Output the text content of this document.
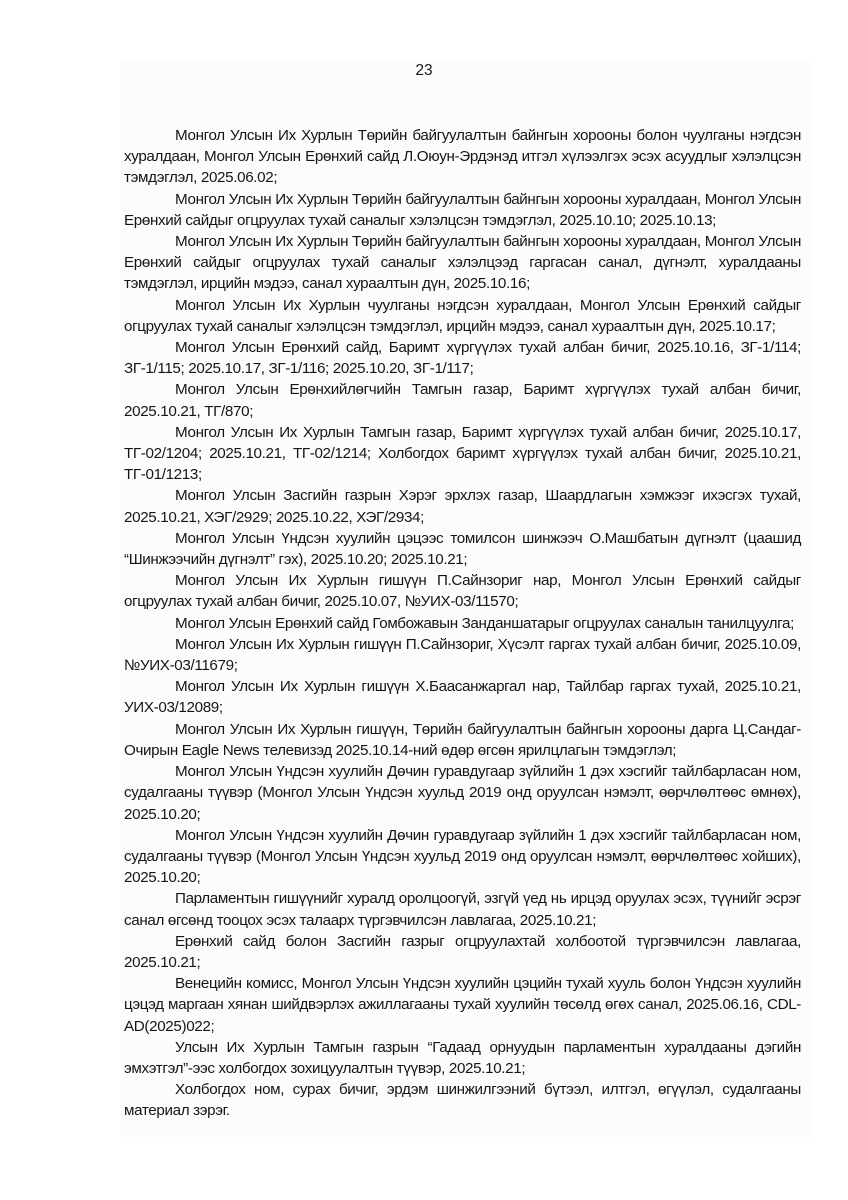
23

Монгол Улсын Их Хурлын Төрийн байгуулалтын байнгын хорооны болон чуулганы нэгдсэн хуралдаан, Монгол Улсын Ерөнхий сайд Л.Оюун-Эрдэнэд итгэл хүлээлгэх эсэх асуудлыг хэлэлцсэн тэмдэглэл, 2025.06.02;

Монгол Улсын Их Хурлын Төрийн байгуулалтын байнгын хорооны хуралдаан, Монгол Улсын Ерөнхий сайдыг огцруулах тухай саналыг хэлэлцсэн тэмдэглэл, 2025.10.10; 2025.10.13;

Монгол Улсын Их Хурлын Төрийн байгуулалтын байнгын хорооны хуралдаан, Монгол Улсын Ерөнхий сайдыг огцруулах тухай саналыг хэлэлцээд гаргасан санал, дүгнэлт, хуралдааны тэмдэглэл, ирцийн мэдээ, санал хураалтын дүн, 2025.10.16;

Монгол Улсын Их Хурлын чуулганы нэгдсэн хуралдаан, Монгол Улсын Ерөнхий сайдыг огцруулах тухай саналыг хэлэлцсэн тэмдэглэл, ирцийн мэдээ, санал хураалтын дүн, 2025.10.17;

Монгол Улсын Ерөнхий сайд, Баримт хүргүүлэх тухай албан бичиг, 2025.10.16, ЗГ-1/114; ЗГ-1/115; 2025.10.17, ЗГ-1/116; 2025.10.20, ЗГ-1/117;

Монгол Улсын Ерөнхийлөгчийн Тамгын газар, Баримт хүргүүлэх тухай албан бичиг, 2025.10.21, ТГ/870;

Монгол Улсын Их Хурлын Тамгын газар, Баримт хүргүүлэх тухай албан бичиг, 2025.10.17, ТГ-02/1204; 2025.10.21, ТГ-02/1214; Холбогдох баримт хүргүүлэх тухай албан бичиг, 2025.10.21, ТГ-01/1213;

Монгол Улсын Засгийн газрын Хэрэг эрхлэх газар, Шаардлагын хэмжээг ихэсгэх тухай, 2025.10.21, ХЭГ/2929; 2025.10.22, ХЭГ/2934;

Монгол Улсын Үндсэн хуулийн цэцээс томилсон шинжээч О.Машбатын дүгнэлт (цаашид “Шинжээчийн дүгнэлт” гэх), 2025.10.20; 2025.10.21;

Монгол Улсын Их Хурлын гишүүн П.Сайнзориг нар, Монгол Улсын Ерөнхий сайдыг огцруулах тухай албан бичиг, 2025.10.07, №УИХ-03/11570;

Монгол Улсын Ерөнхий сайд Гомбожавын Занданшатарыг огцруулах саналын танилцуулга;

Монгол Улсын Их Хурлын гишүүн П.Сайнзориг, Хүсэлт гаргах тухай албан бичиг, 2025.10.09, №УИХ-03/11679;

Монгол Улсын Их Хурлын гишүүн Х.Баасанжаргал нар, Тайлбар гаргах тухай, 2025.10.21, УИХ-03/12089;

Монгол Улсын Их Хурлын гишүүн, Төрийн байгуулалтын байнгын хорооны дарга Ц.Сандаг-Очирын Eagle News телевизэд 2025.10.14-ний өдөр өгсөн ярилцлагын тэмдэглэл;

Монгол Улсын Үндсэн хуулийн Дөчин гуравдугаар зүйлийн 1 дэх хэсгийг тайлбарласан ном, судалгааны түүвэр (Монгол Улсын Үндсэн хуульд 2019 онд оруулсан нэмэлт, өөрчлөлтөөс өмнөх), 2025.10.20;

Монгол Улсын Үндсэн хуулийн Дөчин гуравдугаар зүйлийн 1 дэх хэсгийг тайлбарласан ном, судалгааны түүвэр (Монгол Улсын Үндсэн хуульд 2019 онд оруулсан нэмэлт, өөрчлөлтөөс хойших), 2025.10.20;

Парламентын гишүүнийг хуралд оролцоогүй, эзгүй үед нь ирцэд оруулах эсэх, түүнийг эсрэг санал өгсөнд тооцох эсэх талаарх түргэвчилсэн лавлагаа, 2025.10.21;

Ерөнхий сайд болон Засгийн газрыг огцруулахтай холбоотой түргэвчилсэн лавлагаа, 2025.10.21;

Венецийн комисс, Монгол Улсын Үндсэн хуулийн цэцийн тухай хууль болон Үндсэн хуулийн цэцэд маргаан хянан шийдвэрлэх ажиллагааны тухай хуулийн төсөлд өгөх санал, 2025.06.16, CDL-AD(2025)022;

Улсын Их Хурлын Тамгын газрын “Гадаад орнуудын парламентын хуралдааны дэгийн эмхэтгэл”-ээс холбогдох зохицуулалтын түүвэр, 2025.10.21;

Холбогдох ном, сурах бичиг, эрдэм шинжилгээний бүтээл, илтгэл, өгүүлэл, судалгааны материал зэрэг.
